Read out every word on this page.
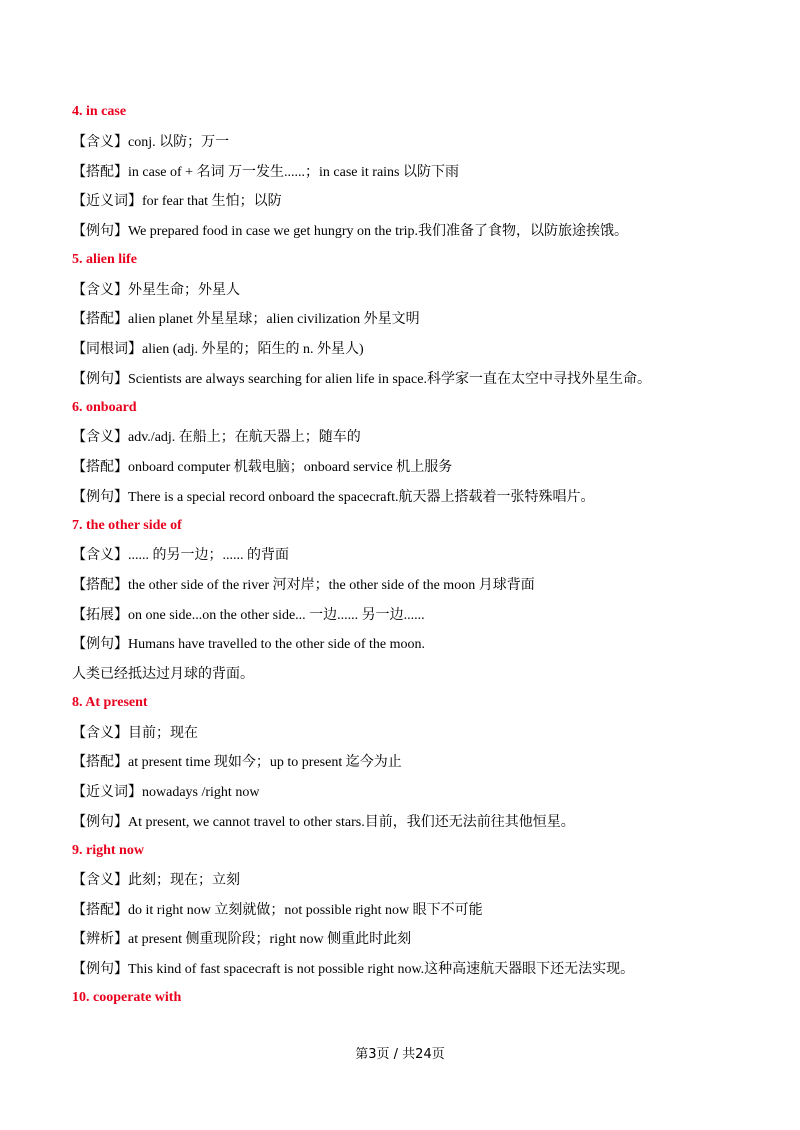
4. in case
【含义】conj. 以防；万一
【搭配】in case of + 名词 万一发生......；in case it rains 以防下雨
【近义词】for fear that 生怕；以防
【例句】We prepared food in case we get hungry on the trip.我们准备了食物，以防旅途挨饿。
5. alien life
【含义】外星生命；外星人
【搭配】alien planet 外星星球；alien civilization 外星文明
【同根词】alien (adj. 外星的；陌生的 n. 外星人)
【例句】Scientists are always searching for alien life in space.科学家一直在太空中寻找外星生命。
6. onboard
【含义】adv./adj. 在船上；在航天器上；随车的
【搭配】onboard computer 机载电脑；onboard service 机上服务
【例句】There is a special record onboard the spacecraft.航天器上搭载着一张特殊唱片。
7. the other side of
【含义】...... 的另一边；...... 的背面
【搭配】the other side of the river 河对岸；the other side of the moon 月球背面
【拓展】on one side...on the other side... 一边...... 另一边......
【例句】Humans have travelled to the other side of the moon.
人类已经抵达过月球的背面。
8. At present
【含义】目前；现在
【搭配】at present time 现如今；up to present 迄今为止
【近义词】nowadays /right now
【例句】At present, we cannot travel to other stars.目前，我们还无法前往其他恒星。
9. right now
【含义】此刻；现在；立刻
【搭配】do it right now 立刻就做；not possible right now 眼下不可能
【辨析】at present 侧重现阶段；right now 侧重此时此刻
【例句】This kind of fast spacecraft is not possible right now.这种高速航天器眼下还无法实现。
10. cooperate with
第3页 / 共24页
